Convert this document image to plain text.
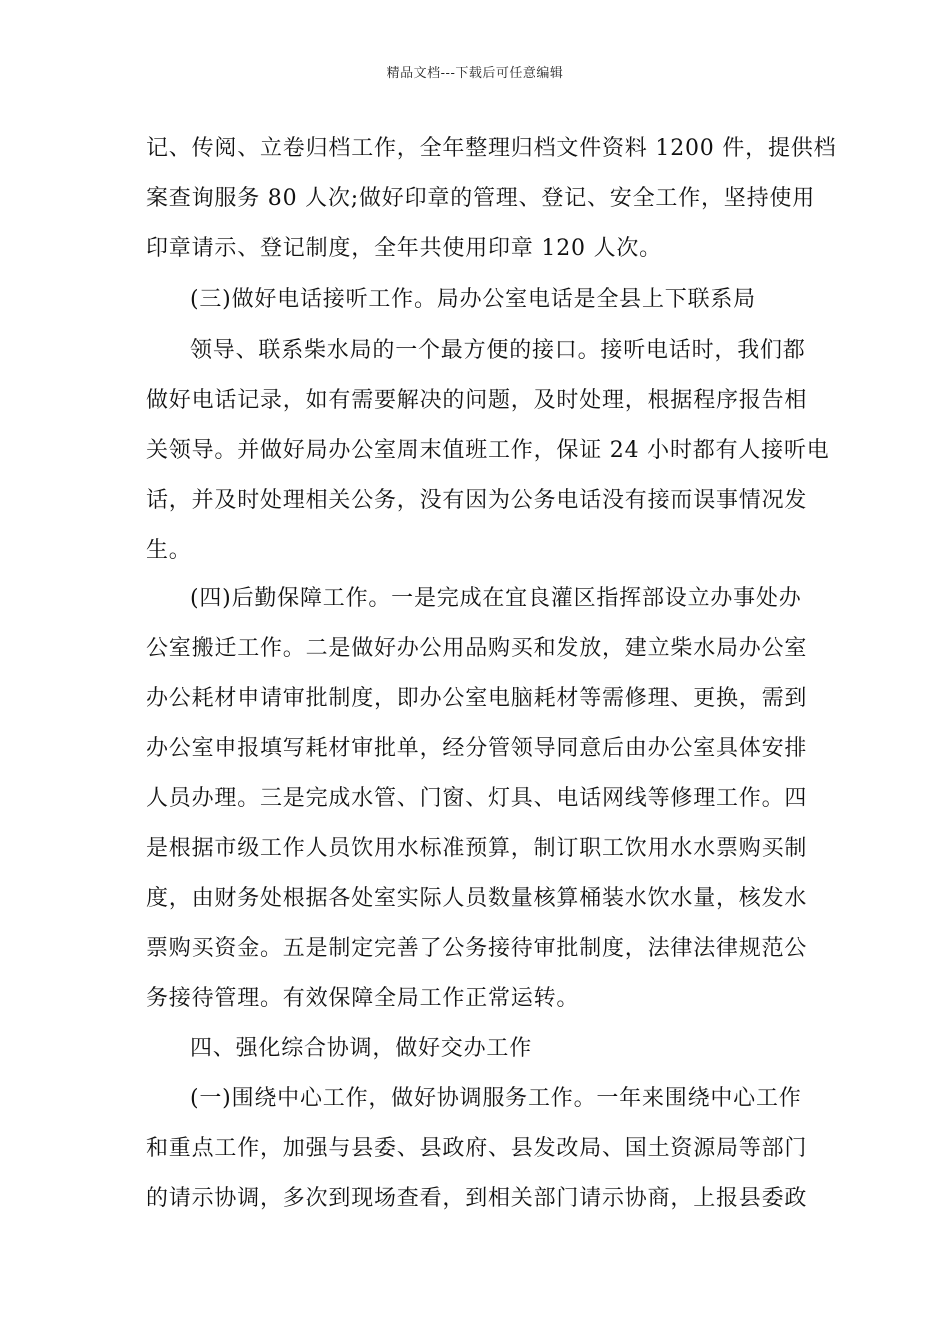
精品文档---下载后可任意编辑
记、传阅、立卷归档工作，全年整理归档文件资料 1200 件，提供档
案查询服务 80 人次;做好印章的管理、登记、安全工作，坚持使用
印章请示、登记制度，全年共使用印章 120 人次。
(三)做好电话接听工作。局办公室电话是全县上下联系局
领导、联系柴水局的一个最方便的接口。接听电话时，我们都
做好电话记录，如有需要解决的问题，及时处理，根据程序报告相
关领导。并做好局办公室周末值班工作，保证 24 小时都有人接听电
话，并及时处理相关公务，没有因为公务电话没有接而误事情况发
生。
(四)后勤保障工作。一是完成在宜良灌区指挥部设立办事处办
公室搬迁工作。二是做好办公用品购买和发放，建立柴水局办公室
办公耗材申请审批制度，即办公室电脑耗材等需修理、更换，需到
办公室申报填写耗材审批单，经分管领导同意后由办公室具体安排
人员办理。三是完成水管、门窗、灯具、电话网线等修理工作。四
是根据市级工作人员饮用水标准预算，制订职工饮用水水票购买制
度，由财务处根据各处室实际人员数量核算桶装水饮水量，核发水
票购买资金。五是制定完善了公务接待审批制度，法律法律规范公
务接待管理。有效保障全局工作正常运转。
四、强化综合协调，做好交办工作
(一)围绕中心工作，做好协调服务工作。一年来围绕中心工作
和重点工作，加强与县委、县政府、县发改局、国土资源局等部门
的请示协调，多次到现场查看，到相关部门请示协商，上报县委政
